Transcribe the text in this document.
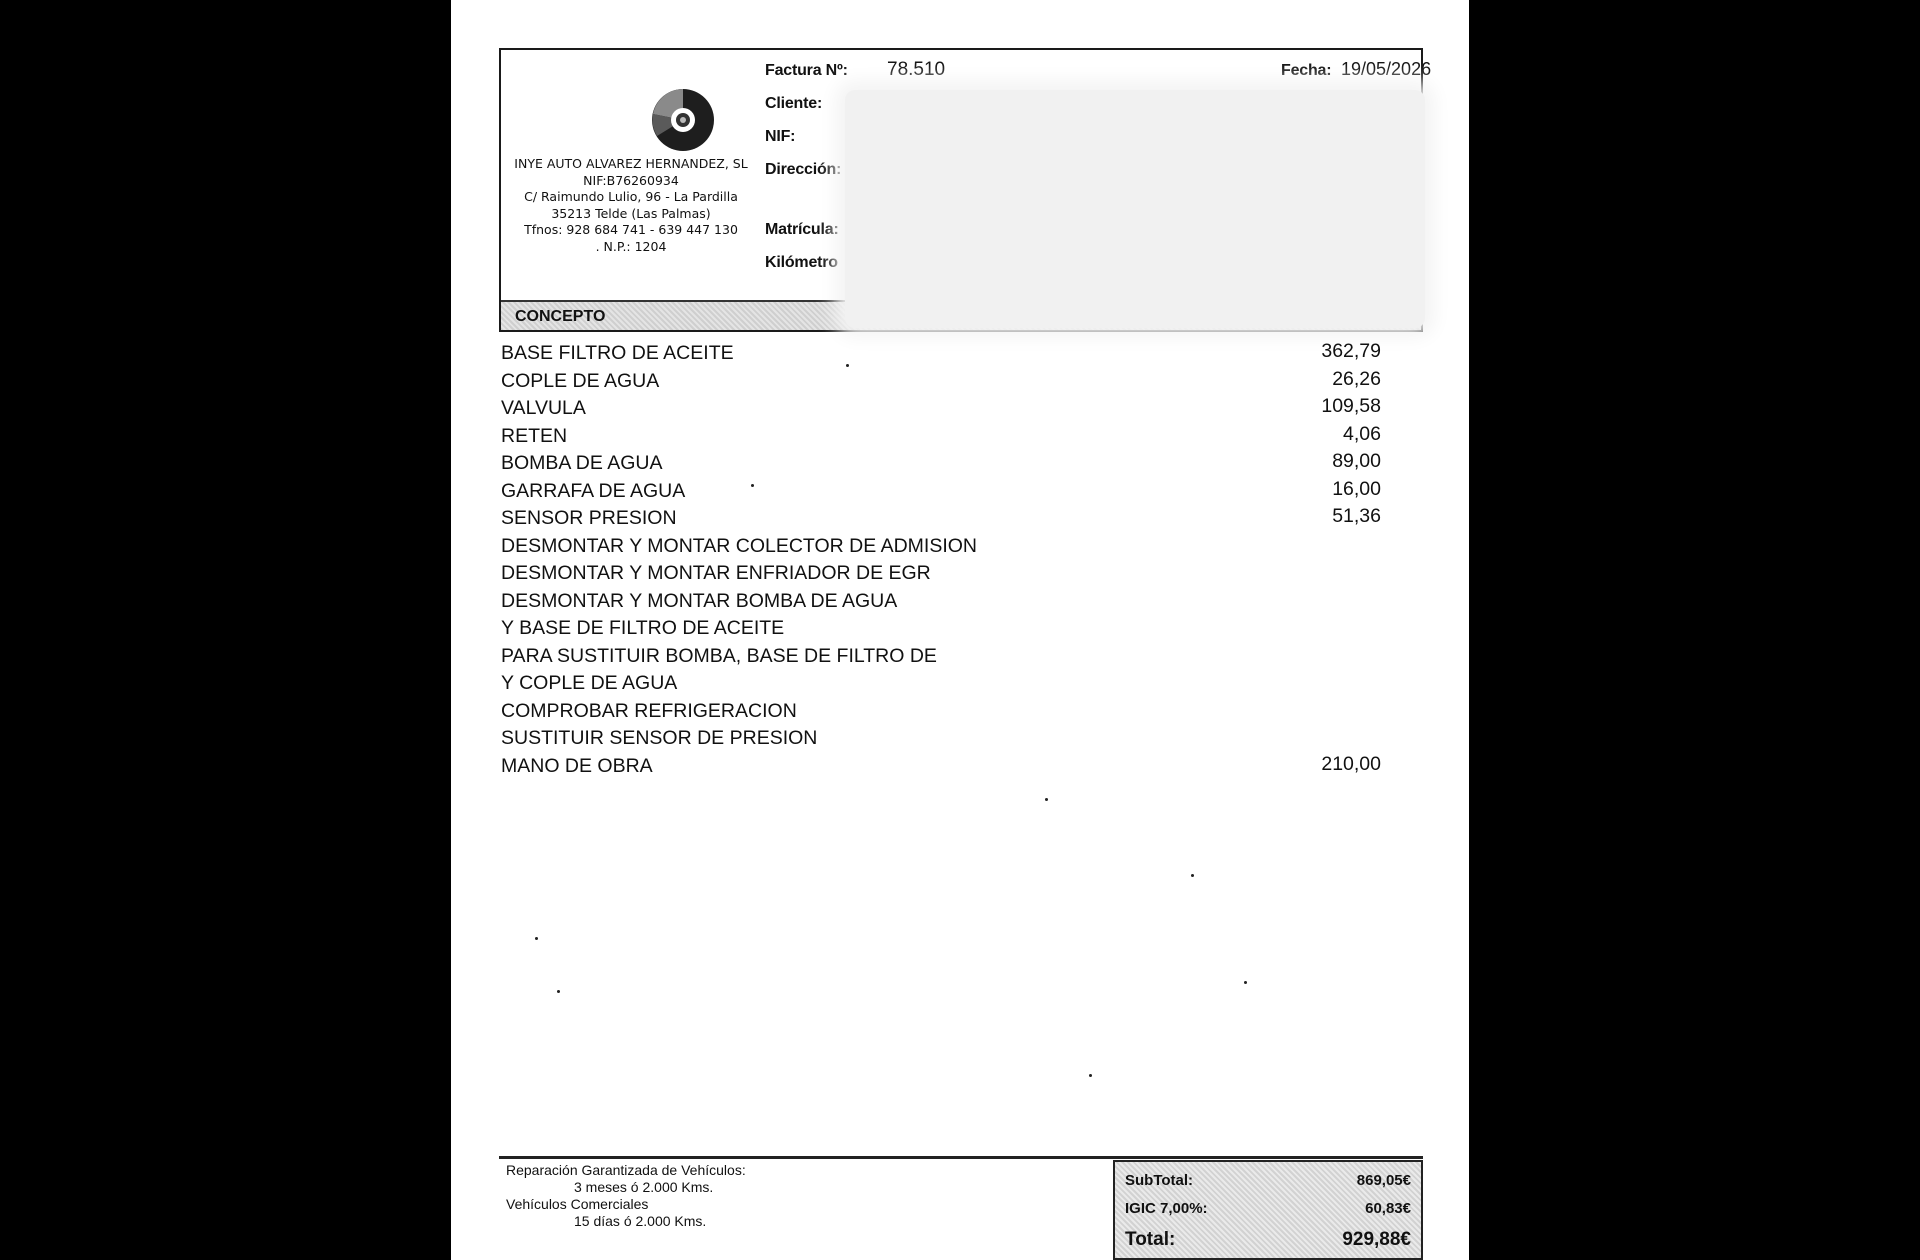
INYE AUTO ALVAREZ HERNANDEZ, SL
NIF:B76260934
C/ Raimundo Lulio, 96 - La Pardilla
35213 Telde (Las Palmas)
Tfnos: 928 684 741 - 639 447 130
. N.P.: 1204
Factura Nº: 78.510	Fecha: 19/05/2026
Cliente:
NIF:
Dirección:
Matrícula:
Kilómetro
CONCEPTO
BASE FILTRO DE ACEITE	362,79
COPLE DE AGUA	26,26
VALVULA	109,58
RETEN	4,06
BOMBA DE AGUA	89,00
GARRAFA DE AGUA	16,00
SENSOR PRESION	51,36
DESMONTAR Y MONTAR COLECTOR DE ADMISION
DESMONTAR Y MONTAR ENFRIADOR DE EGR
DESMONTAR Y MONTAR BOMBA DE AGUA
Y BASE DE FILTRO DE ACEITE
PARA SUSTITUIR BOMBA, BASE DE FILTRO DE
Y COPLE DE AGUA
COMPROBAR REFRIGERACION
SUSTITUIR SENSOR DE PRESION
MANO DE OBRA	210,00
Reparación Garantizada de Vehículos:
3 meses ó 2.000 Kms.
Vehículos Comerciales
15 días ó 2.000 Kms.
SubTotal:	869,05€
IGIC 7,00%:	60,83€
Total:	929,88€
